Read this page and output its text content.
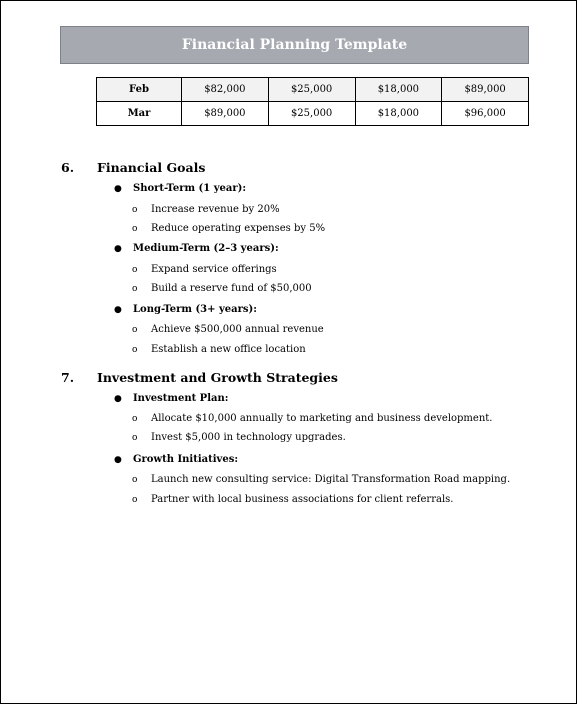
Financial Planning Template
Feb	$82,000	$25,000	$18,000	$89,000
Mar	$89,000	$25,000	$18,000	$96,000
6.	Financial Goals
●	Short-Term (1 year):
o	Increase revenue by 20%
o	Reduce operating expenses by 5%
●	Medium-Term (2–3 years):
o	Expand service offerings
o	Build a reserve fund of $50,000
●	Long-Term (3+ years):
o	Achieve $500,000 annual revenue
o	Establish a new office location
7.	Investment and Growth Strategies
●	Investment Plan:
o	Allocate $10,000 annually to marketing and business development.
o	Invest $5,000 in technology upgrades.
●	Growth Initiatives:
o	Launch new consulting service: Digital Transformation Road mapping.
o	Partner with local business associations for client referrals.
